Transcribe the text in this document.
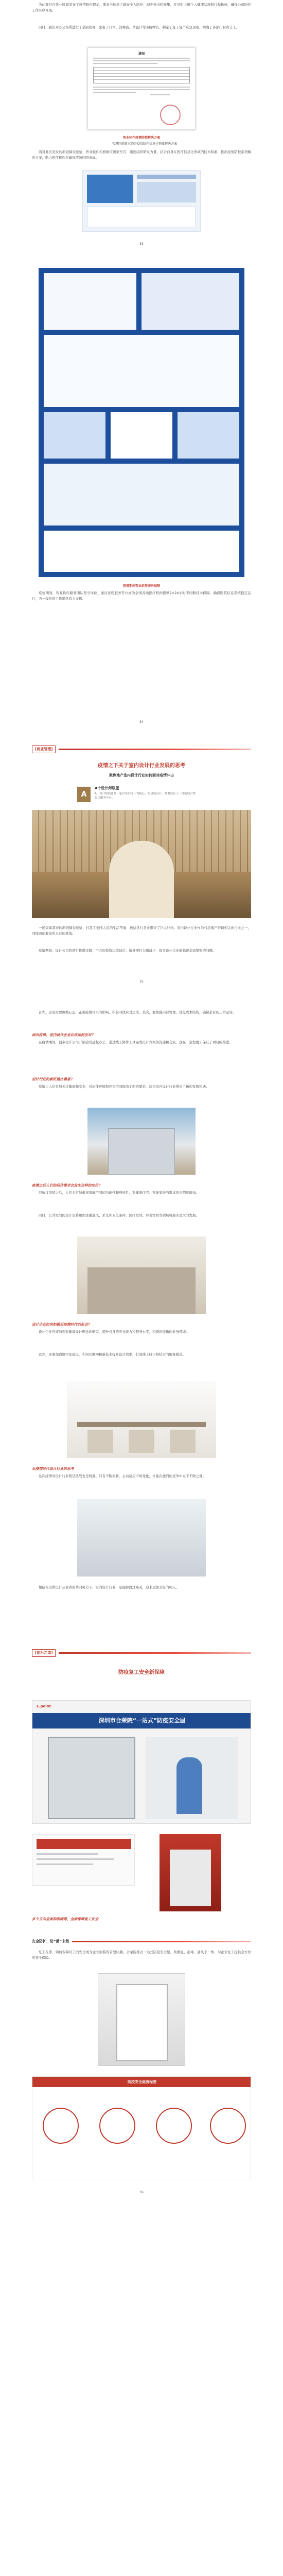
为此我们在第一时间发布了疫情防控提示，要求全体员工做好个人防护，减少外出和聚集，并及时上报个人健康状况和行程轨迹，确保公司防控工作有序开展。
同时，我们对办公场所进行了全面消毒，配备了口罩、消毒液、体温计等防疫物资，制定了复工复产应急预案，明确了各部门职责分工。
通知
智业软件疫情防控解决方案
——智慧医院新冠肺炎疫情防控信息化整体解决方案
面对此次突发的新冠肺炎疫情，智业软件积极响应国家号召，迅速组织研发力量，结合自身在医疗信息化领域的技术积累，推出疫情防控系列解决方案，助力医疗机构打赢疫情防控阻击战。
33
疫情期间智业软件服务保障
疫情期间，智业软件服务团队坚守岗位，通过远程服务等方式为全国各地医疗机构提供7×24小时不间断技术保障，确保医院信息系统稳定运行，为一线抗疫工作提供有力支撑。
34
[商业管理]
疫情之下关于室内设计行业发展的思考
聚焦地产室内设计行业如何面对疫情冲击
A
A十设计师联盟
A十设计师联盟是一家以室内设计为核心，集建筑设计、景观设计于一体的综合性设计服务平台。
一场突如其来的新冠肺炎疫情，打乱了全国人民的生活节奏，也给各行各业带来了巨大冲击。室内设计行业作为与房地产密切相关的行业之一，同样面临着前所未有的挑战。
疫情期间，设计公司的项目推进受阻，甲方的投资决策延后，新签项目大幅减少，很多设计企业面临现金流紧张的问题。
35
首先，企业需要调整心态，正视疫情带来的影响，积极寻找应对之策。其次，要加强内部管理，优化成本结构，确保企业的正常运转。
面对疫情，室内设计企业应该如何应对？
在疫情期间，很多设计公司开始尝试远程办公，通过线上协作工具完成设计方案的沟通和交流，这在一定程度上保证了项目的推进。
设计行业的新机遇在哪里？
疫情让人们更加关注健康和安全，对居住环境和办公空间提出了新的要求，这为室内设计行业带来了新的发展机遇。
疫情之后人们的居住需求会发生怎样的变化？
经历过疫情之后，人们会更加重视家庭空间的功能性和舒适性，对健康住宅、智能家居的需求将会明显增加。
同时，公共空间的设计也将更加注重通风、采光和卫生条件，医疗空间、养老空间等领域将迎来更大的发展。
设计企业如何把握后疫情时代的机会？
设计企业应该加强对健康设计理念的研究，提升自身的专业能力和服务水平，积极拓展新的业务领域。
此外，还要加强数字化建设，利用互联网和新技术提升设计效率，打造线上线下相结合的服务模式。
后疫情时代设计行业的思考
这次疫情对设计行业既是挑战也是机遇。只有不断创新，主动适应市场变化，才能在激烈的竞争中立于不败之地。
相信在全体设计从业者的共同努力下，室内设计行业一定能够渡过难关，迎来更加美好的明天。
[前沿之道]
防疫复工安全新保障
E.point
深圳市合荣院“一站式”防疫安全屋
多个方向全面抑制病毒，全面保障复工安全
安全防护，防“菌”未然
复工在即，如何保障员工的安全成为企业面临的首要问题。合荣院推出一站式防疫安全屋，集测温、消毒、通风于一体，为企业复工提供全方位的安全保障。
防疫安全屋流程图
36
